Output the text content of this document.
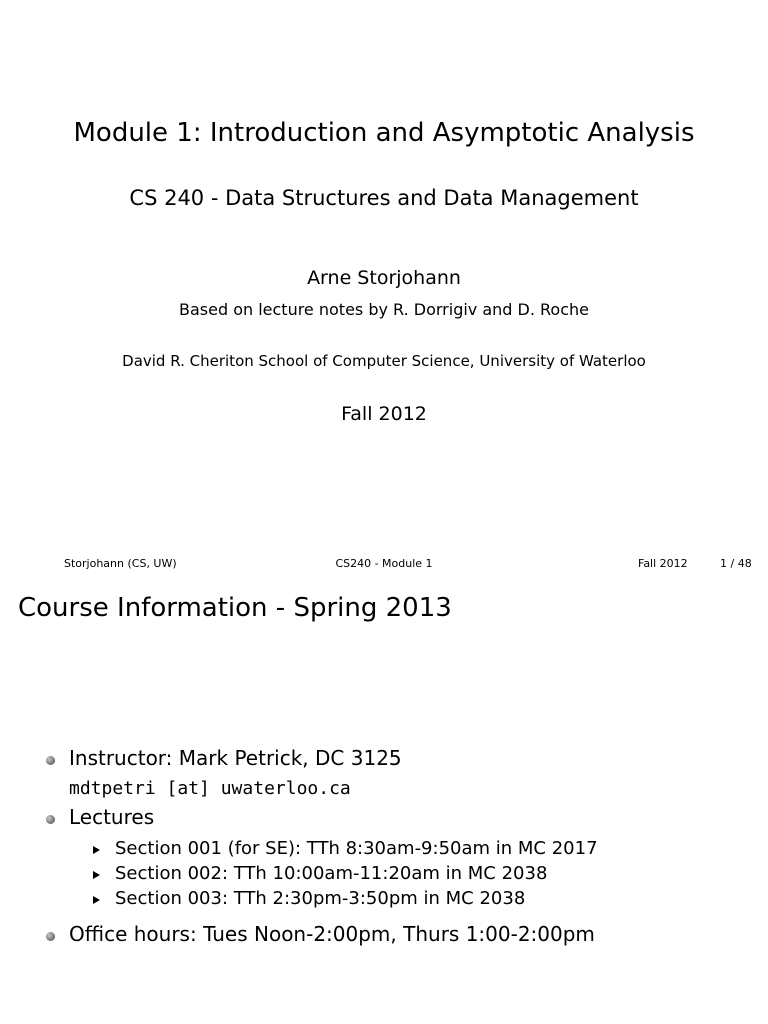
Module 1: Introduction and Asymptotic Analysis
CS 240 - Data Structures and Data Management
Arne Storjohann
Based on lecture notes by R. Dorrigiv and D. Roche
David R. Cheriton School of Computer Science, University of Waterloo
Fall 2012
Storjohann (CS, UW)	CS240 - Module 1	Fall 2012	1 / 48
Course Information - Spring 2013
Instructor: Mark Petrick, DC 3125
mdtpetri [at] uwaterloo.ca
Lectures
Section 001 (for SE): TTh 8:30am-9:50am in MC 2017
Section 002: TTh 10:00am-11:20am in MC 2038
Section 003: TTh 2:30pm-3:50pm in MC 2038
Office hours: Tues Noon-2:00pm, Thurs 1:00-2:00pm
